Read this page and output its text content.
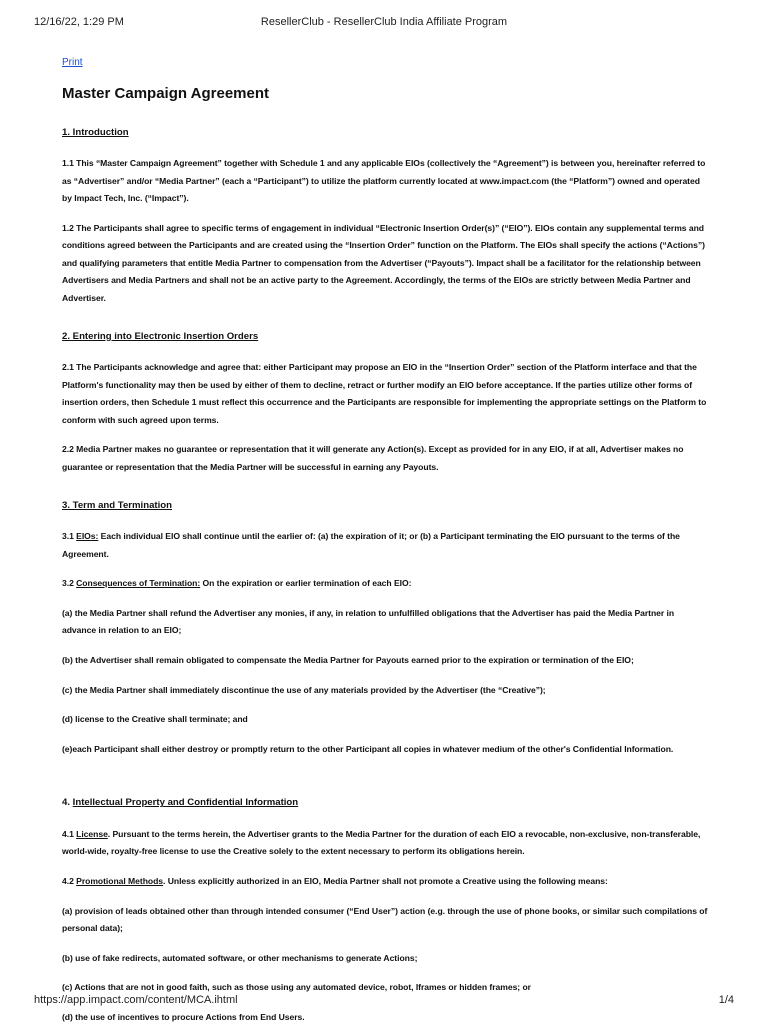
12/16/22, 1:29 PM	ResellerClub - ResellerClub India Affiliate Program
Print
Master Campaign Agreement
1. Introduction

1.1 This “Master Campaign Agreement” together with Schedule 1 and any applicable EIOs (collectively the “Agreement”) is between you, hereinafter referred to as “Advertiser” and/or “Media Partner” (each a “Participant”) to utilize the platform currently located at www.impact.com (the “Platform”) owned and operated by Impact Tech, Inc. (“Impact”).

1.2 The Participants shall agree to specific terms of engagement in individual “Electronic Insertion Order(s)” (“EIO”). EIOs contain any supplemental terms and conditions agreed between the Participants and are created using the “Insertion Order” function on the Platform. The EIOs shall specify the actions (“Actions”) and qualifying parameters that entitle Media Partner to compensation from the Advertiser (“Payouts”). Impact shall be a facilitator for the relationship between Advertisers and Media Partners and shall not be an active party to the Agreement. Accordingly, the terms of the EIOs are strictly between Media Partner and Advertiser.

2. Entering into Electronic Insertion Orders

2.1 The Participants acknowledge and agree that: either Participant may propose an EIO in the “Insertion Order” section of the Platform interface and that the Platform's functionality may then be used by either of them to decline, retract or further modify an EIO before acceptance. If the parties utilize other forms of insertion orders, then Schedule 1 must reflect this occurrence and the Participants are responsible for implementing the appropriate settings on the Platform to conform with such agreed upon terms.

2.2 Media Partner makes no guarantee or representation that it will generate any Action(s). Except as provided for in any EIO, if at all, Advertiser makes no guarantee or representation that the Media Partner will be successful in earning any Payouts.

3. Term and Termination

3.1 EIOs: Each individual EIO shall continue until the earlier of: (a) the expiration of it; or (b) a Participant terminating the EIO pursuant to the terms of the Agreement.

3.2 Consequences of Termination: On the expiration or earlier termination of each EIO:

(a) the Media Partner shall refund the Advertiser any monies, if any, in relation to unfulfilled obligations that the Advertiser has paid the Media Partner in advance in relation to an EIO;

(b) the Advertiser shall remain obligated to compensate the Media Partner for Payouts earned prior to the expiration or termination of the EIO;

(c) the Media Partner shall immediately discontinue the use of any materials provided by the Advertiser (the “Creative”);

(d) license to the Creative shall terminate; and

(e)each Participant shall either destroy or promptly return to the other Participant all copies in whatever medium of the other's Confidential Information.

4. Intellectual Property and Confidential Information

4.1 License. Pursuant to the terms herein, the Advertiser grants to the Media Partner for the duration of each EIO a revocable, non-exclusive, non-transferable, world-wide, royalty-free license to use the Creative solely to the extent necessary to perform its obligations herein.

4.2 Promotional Methods. Unless explicitly authorized in an EIO, Media Partner shall not promote a Creative using the following means:

(a) provision of leads obtained other than through intended consumer (“End User”) action (e.g. through the use of phone books, or similar such compilations of personal data);

(b) use of fake redirects, automated software, or other mechanisms to generate Actions;

(c) Actions that are not in good faith, such as those using any automated device, robot, Iframes or hidden frames; or

(d) the use of incentives to procure Actions from End Users.

https://app.impact.com/content/MCA.ihtml	1/4
